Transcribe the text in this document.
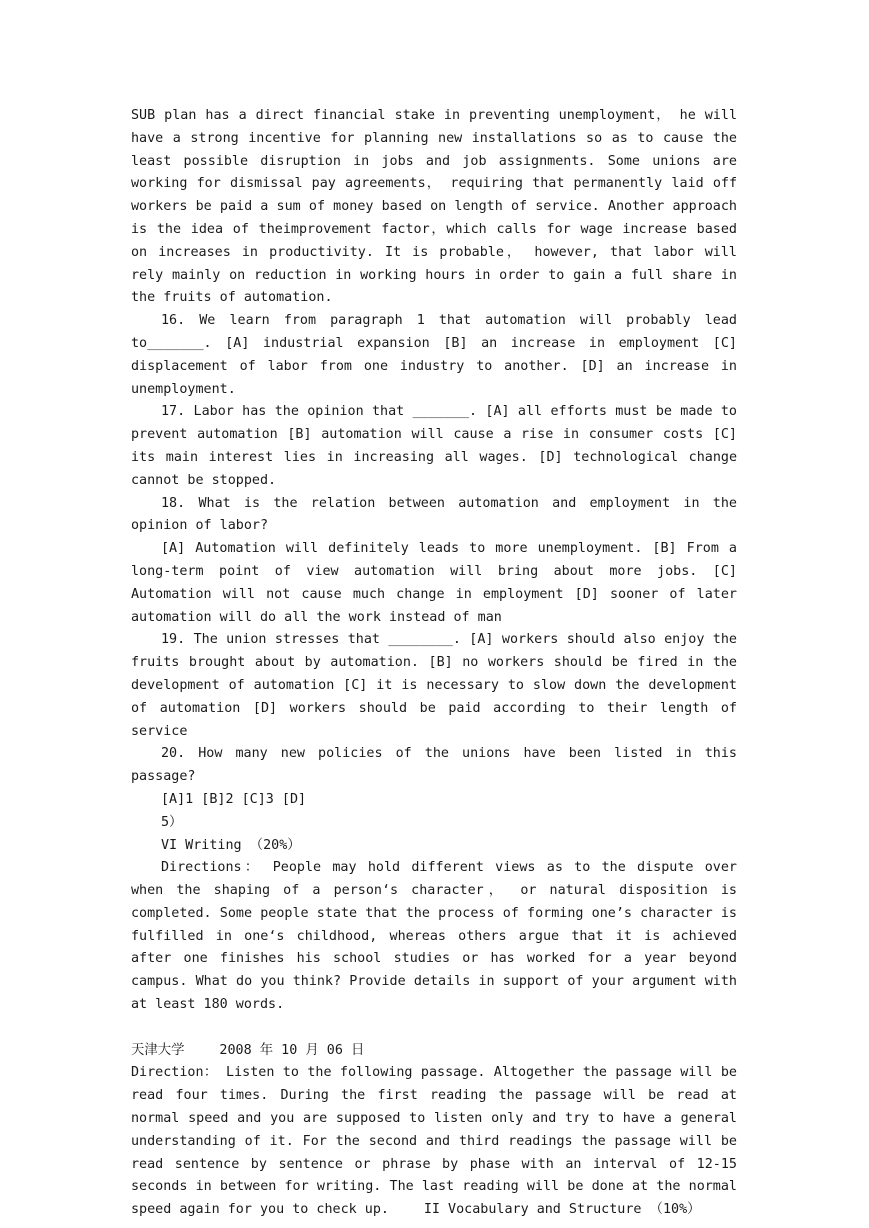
SUB plan has a direct financial stake in preventing unemployment， he will have a strong incentive for planning new installations so as to cause the least possible disruption in jobs and job assignments. Some unions are working for dismissal pay agreements， requiring that permanently laid off workers be paid a sum of money based on length of service. Another approach is the idea of theimprovement factor，which calls for wage increase based on increases in productivity. It is probable， however, that labor will rely mainly on reduction in working hours in order to gain a full share in the fruits of automation.

16. We learn from paragraph 1 that automation will probably lead to_______. [A] industrial expansion [B] an increase in employment [C] displacement of labor from one industry to another. [D] an increase in unemployment.

17. Labor has the opinion that _______. [A] all efforts must be made to prevent automation [B] automation will cause a rise in consumer costs [C] its main interest lies in increasing all wages. [D] technological change cannot be stopped.

18. What is the relation between automation and employment in the opinion of labor?

[A] Automation will definitely leads to more unemployment. [B] From a long-term point of view automation will bring about more jobs. [C] Automation will not cause much change in employment [D] sooner of later automation will do all the work instead of man

19. The union stresses that ________. [A] workers should also enjoy the fruits brought about by automation. [B] no workers should be fired in the development of automation [C] it is necessary to slow down the development of automation [D] workers should be paid according to their length of service

20. How many new policies of the unions have been listed in this passage?

[A]1 [B]2 [C]3 [D]

5）

VI Writing （20%）

Directions： People may hold different views as to the dispute over when the shaping of a person‘s character， or natural disposition is completed. Some people state that the process of forming one’s character is fulfilled in one‘s childhood, whereas others argue that it is achieved after one finishes his school studies or has worked for a year beyond campus. What do you think? Provide details in support of your argument with at least 180 words.

天津大学　　 2008 年 10 月 06 日

Direction： Listen to the following passage. Altogether the passage will be read four times. During the first reading the passage will be read at normal speed and you are supposed to listen only and try to have a general understanding of it. For the second and third readings the passage will be read sentence by sentence or phrase by phase with an interval of 12-15 seconds in between for writing. The last reading will be done at the normal speed again for you to check up.　　 II Vocabulary and Structure （10%）
